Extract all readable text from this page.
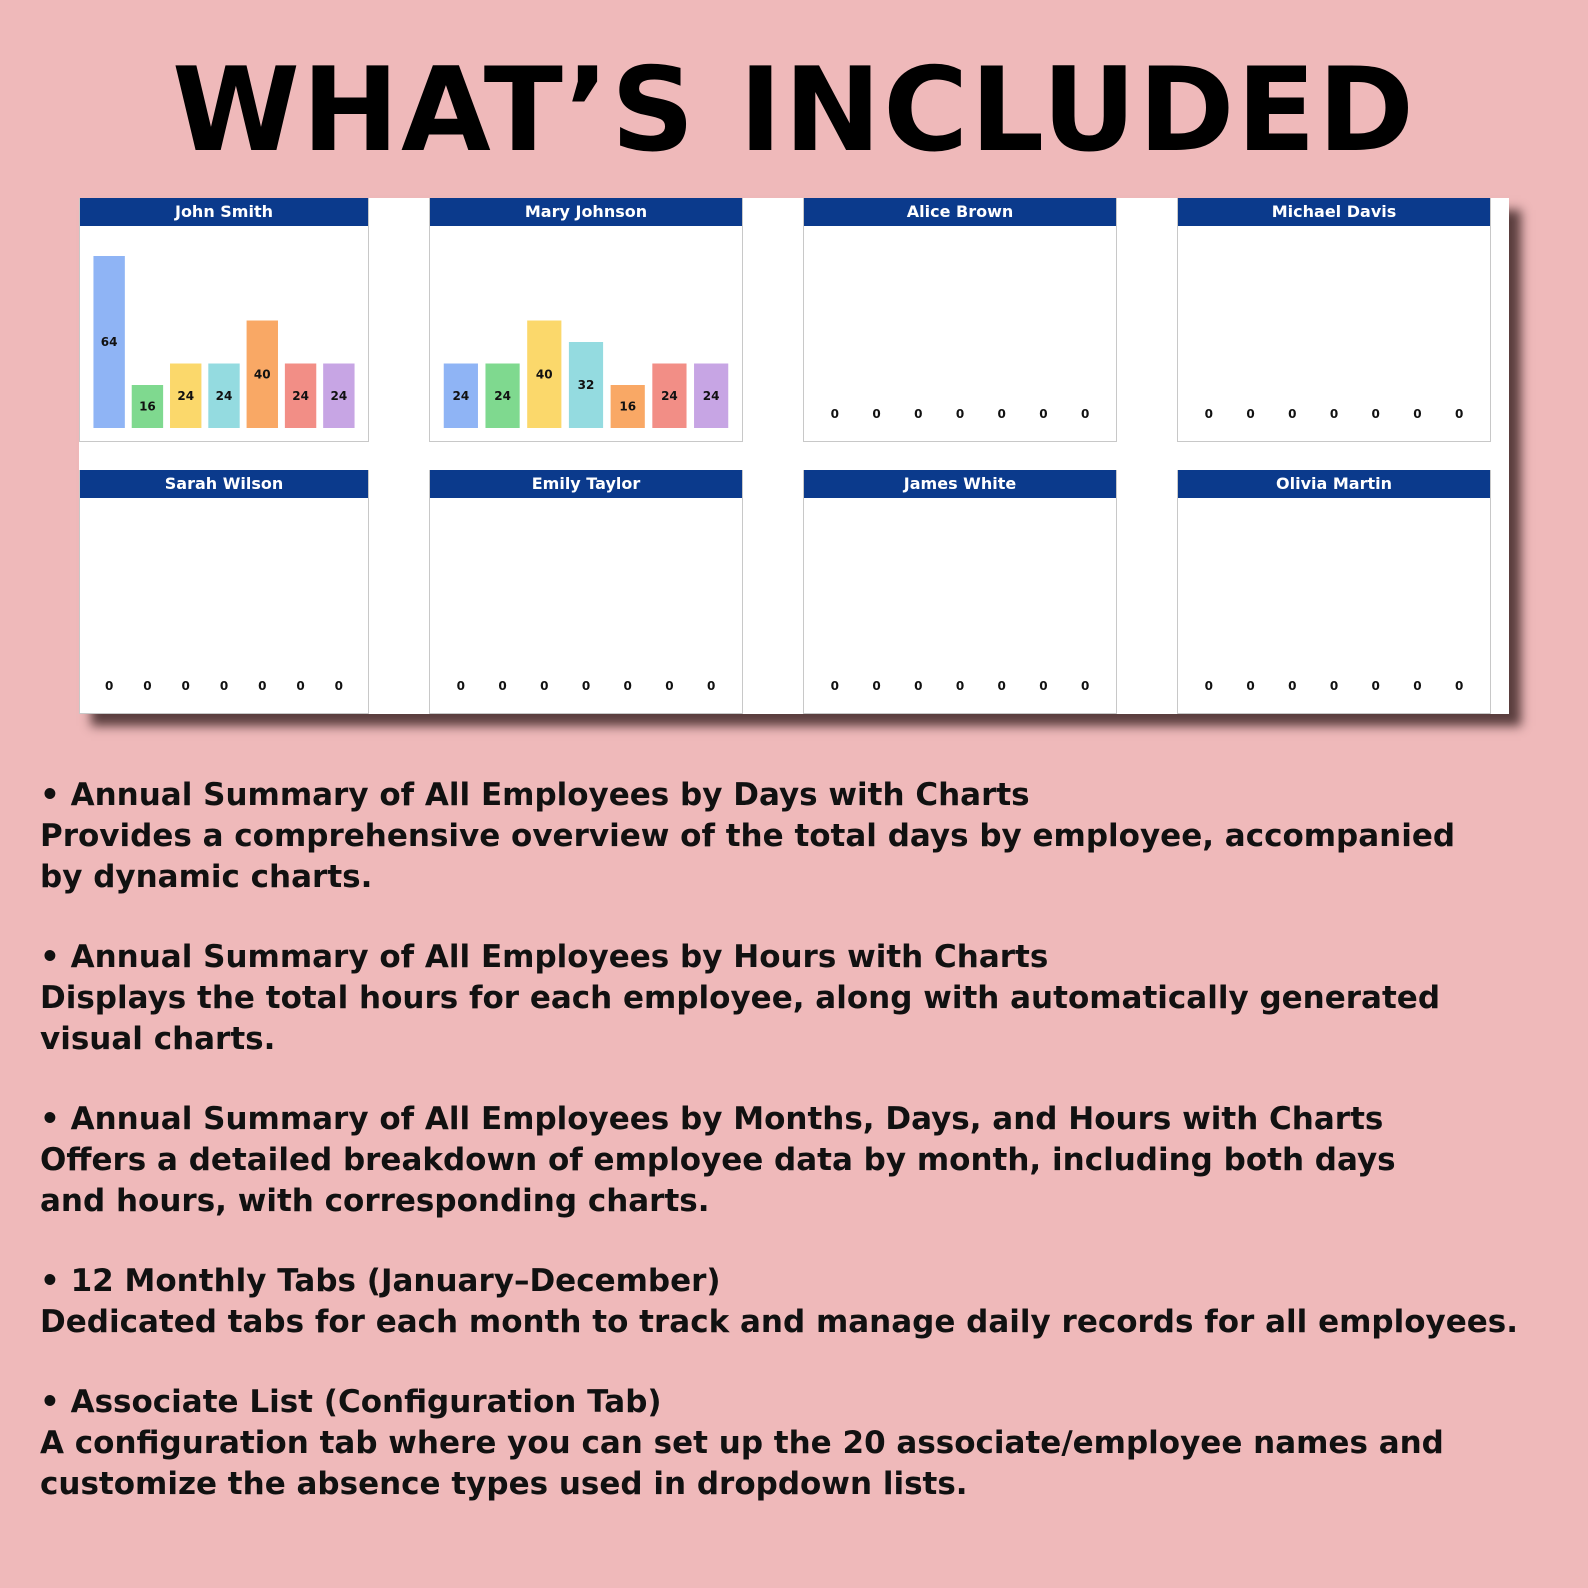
WHAT’S INCLUDED
John Smith
64
16
24 24
40
24 24
Mary Johnson
24 24
40
32
16
24 24
Alice Brown
0	0	0	0	0	0	0
Michael Davis
0	0	0	0	0	0	0
Sarah Wilson
0 0 0 0 0 0 0
Emily Taylor
0	0	0	0	0	0	0
James White
0	0	0	0	0	0	0
Olivia Martin
0	0	0	0	0	0	0
• Annual Summary of All Employees by Days with Charts
Provides a comprehensive overview of the total days by employee, accompanied
by dynamic charts.
• Annual Summary of All Employees by Hours with Charts
Displays the total hours for each employee, along with automatically generated
visual charts.
• Annual Summary of All Employees by Months, Days, and Hours with Charts
Offers a detailed breakdown of employee data by month, including both days
and hours, with corresponding charts.
• 12 Monthly Tabs (January–December)
Dedicated tabs for each month to track and manage daily records for all employees.
• Associate List (Configuration Tab)
A configuration tab where you can set up the 20 associate/employee names and
customize the absence types used in dropdown lists.
